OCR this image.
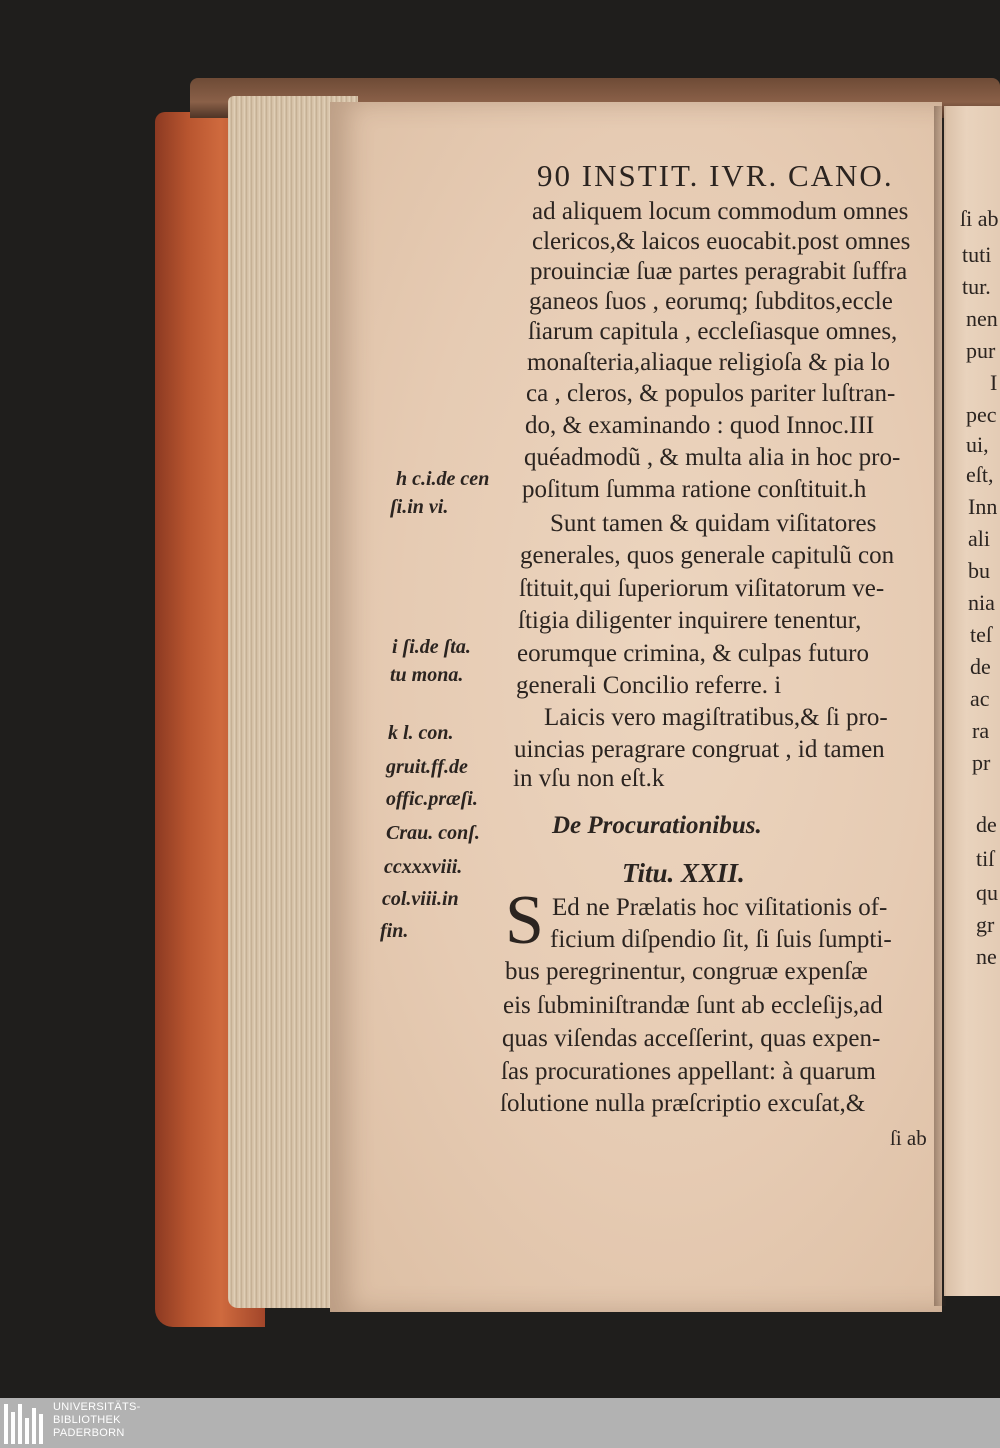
90 INSTIT. IVR. CANO.
ad aliquem locum commodum omnes
clericos,& laicos euocabit.post omnes
prouinciæ ſuæ partes peragrabit ſuffra
ganeos ſuos , eorumq; ſubditos,eccle
ſiarum capitula , eccleſiasque omnes,
monaſteria,aliaque religioſa & pia lo
ca , cleros, & populos pariter luſtran-
do, & examinando : quod Innoc.III
quéadmodũ , & multa alia in hoc pro-
poſitum ſumma ratione conſtituit.h
Sunt tamen & quidam viſitatores
generales, quos generale capitulũ con
ſtituit,qui ſuperiorum viſitatorum ve-
ſtigia diligenter inquirere tenentur,
eorumque crimina, & culpas futuro
generali Concilio referre. i
Laicis vero magiſtratibus,& ſi pro-
uincias peragrare congruat , id tamen
in vſu non eſt.k
De Procurationibus.
Titu. XXII.
S Ed ne Prælatis hoc viſitationis of-
ficium diſpendio ſit, ſi ſuis ſumpti-
bus peregrinentur, congruæ expenſæ
eis ſubminiſtrandæ ſunt ab eccleſijs,ad
quas viſendas acceſſerint, quas expen-
ſas procurationes appellant: à quarum
ſolutione nulla præſcriptio excuſat,&
ſi ab
h c.i.de cen
ſi.in vi.
i ſi.de ſta.
tu mona.
k l. con.
gruit.ff.de
offic.præſi.
Crau. conſ.
ccxxxviii.
col.viii.in
fin.
ſi ab
tuti
tur.
nen
pur
I
pec
ui,
eſt,
Inn
ali
bu
nia
teſ
de
ac
ra
pr
de
tiſ
qu
gr
ne
UNIVERSITÄTS-
BIBLIOTHEK
PADERBORN
